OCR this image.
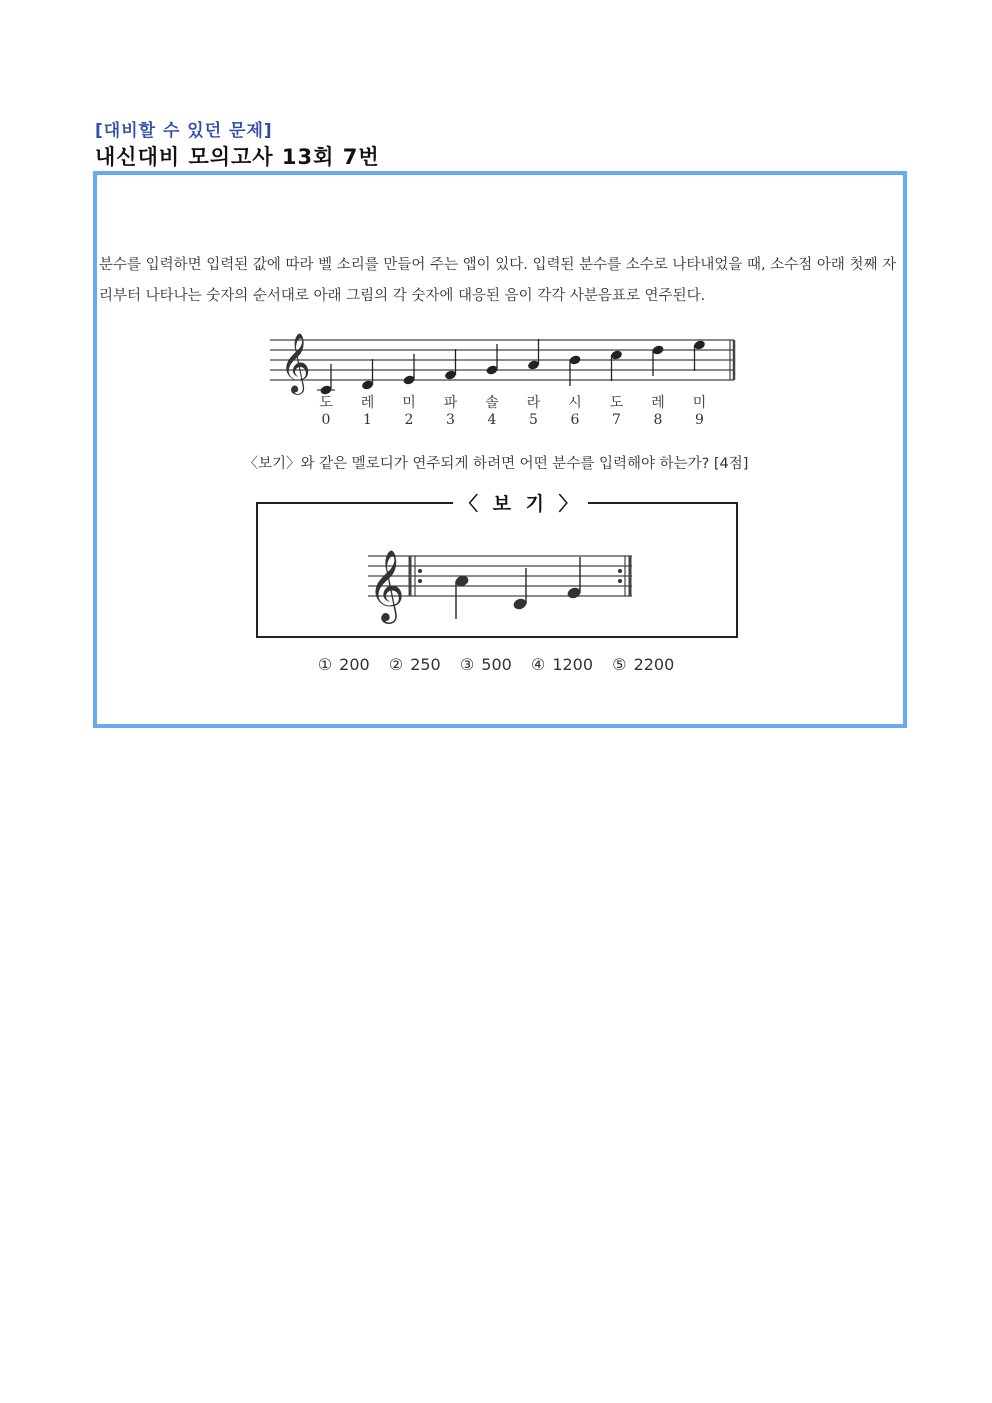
[대비할 수 있던 문제]
내신대비 모의고사 13회 7번
분수를 입력하면 입력된 값에 따라 벨 소리를 만들어 주는 앱이 있다. 입력된 분수를 소수로 나타내었을 때, 소수점 아래 첫째 자리부터 나타나는 숫자의 순서대로 아래 그림의 각 숫자에 대응된 음이 각각 사분음표로 연주된다.
𝄞
도
0
레
1
미
2
파
3
솔
4
라
5
시
6
도
7
레
8
미
9
〈보기〉와 같은 멜로디가 연주되게 하려면 어떤 분수를 입력해야 하는가? [4점]
〈 보 기 〉
𝄞
① 200 ② 250 ③ 500 ④ 1200 ⑤ 2200
